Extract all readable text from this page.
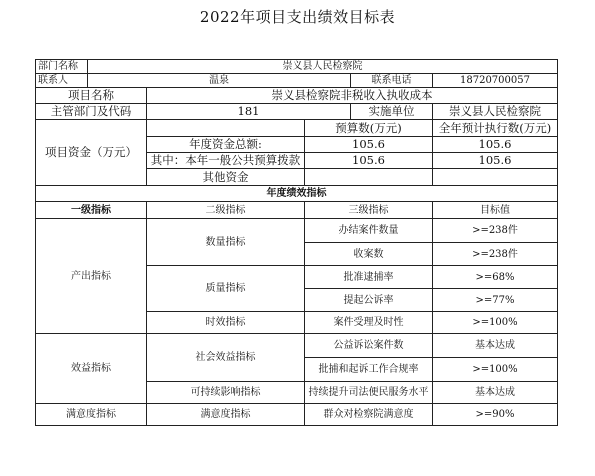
2022年项目支出绩效目标表
部门名称	崇义县人民检察院				
联系人	温泉			联系电话	18720700057
项目名称		崇义县检察院非税收入执收成本			
主管部门及代码		181		实施单位	崇义县人民检察院
项目资金（万元）			预算数(万元)		全年预计执行数(万元)
		年度资金总额:	105.6		105.6
		其中：本年一般公共预算拨款	105.6		105.6
		其他资金			
年度绩效指标					
一级指标		二级指标	三级指标		目标值
产出指标		数量指标	办结案件数量		>=238件
			收案数		>=238件
		质量指标	批准逮捕率		>=68%
			提起公诉率		>=77%
		时效指标	案件受理及时性		>=100%
效益指标		社会效益指标	公益诉讼案件数		基本达成
			批捕和起诉工作合规率		>=100%
		可持续影响指标	持续提升司法便民服务水平		基本达成
满意度指标		满意度指标	群众对检察院满意度		>=90%
